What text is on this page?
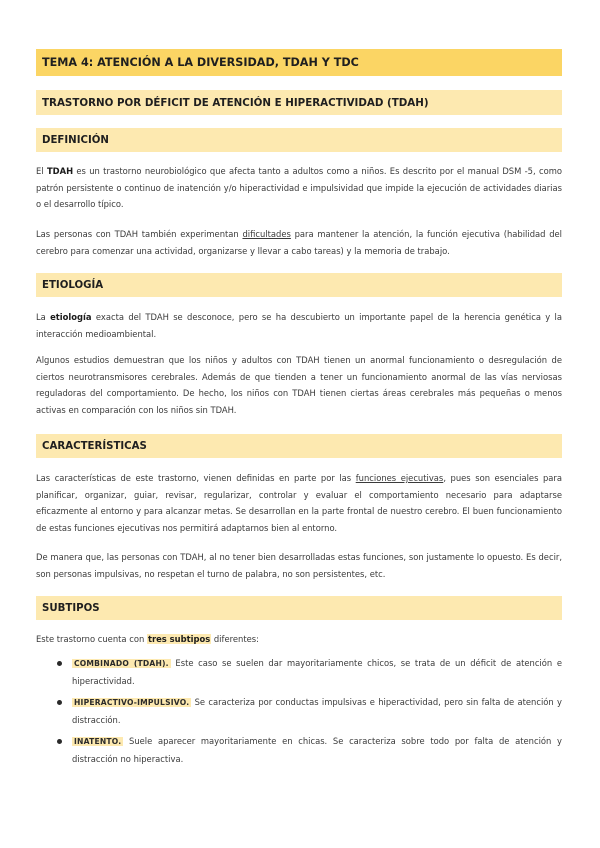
TEMA 4: ATENCIÓN A LA DIVERSIDAD, TDAH Y TDC
TRASTORNO POR DÉFICIT DE ATENCIÓN E HIPERACTIVIDAD (TDAH)
DEFINICIÓN

El TDAH es un trastorno neurobiológico que afecta tanto a adultos como a niños. Es descrito por el manual DSM -5, como patrón persistente o continuo de inatención y/o hiperactividad e impulsividad que impide la ejecución de actividades diarias o el desarrollo típico.

Las personas con TDAH también experimentan dificultades para mantener la atención, la función ejecutiva (habilidad del cerebro para comenzar una actividad, organizarse y llevar a cabo tareas) y la memoria de trabajo.

ETIOLOGÍA

La etiología exacta del TDAH se desconoce, pero se ha descubierto un importante papel de la herencia genética y la interacción medioambiental.

Algunos estudios demuestran que los niños y adultos con TDAH tienen un anormal funcionamiento o desregulación de ciertos neurotransmisores cerebrales. Además de que tienden a tener un funcionamiento anormal de las vías nerviosas reguladoras del comportamiento. De hecho, los niños con TDAH tienen ciertas áreas cerebrales más pequeñas o menos activas en comparación con los niños sin TDAH.

CARACTERÍSTICAS

Las características de este trastorno, vienen definidas en parte por las funciones ejecutivas, pues son esenciales para planificar, organizar, guiar, revisar, regularizar, controlar y evaluar el comportamiento necesario para adaptarse eficazmente al entorno y para alcanzar metas. Se desarrollan en la parte frontal de nuestro cerebro. El buen funcionamiento de estas funciones ejecutivas nos permitirá adaptarnos bien al entorno.

De manera que, las personas con TDAH, al no tener bien desarrolladas estas funciones, son justamente lo opuesto. Es decir, son personas impulsivas, no respetan el turno de palabra, no son persistentes, etc.

SUBTIPOS

Este trastorno cuenta con tres subtipos diferentes:

COMBINADO (TDAH). Este caso se suelen dar mayoritariamente chicos, se trata de un déficit de atención e hiperactividad.
HIPERACTIVO-IMPULSIVO. Se caracteriza por conductas impulsivas e hiperactividad, pero sin falta de atención y distracción.
INATENTO. Suele aparecer mayoritariamente en chicas. Se caracteriza sobre todo por falta de atención y distracción no hiperactiva.
